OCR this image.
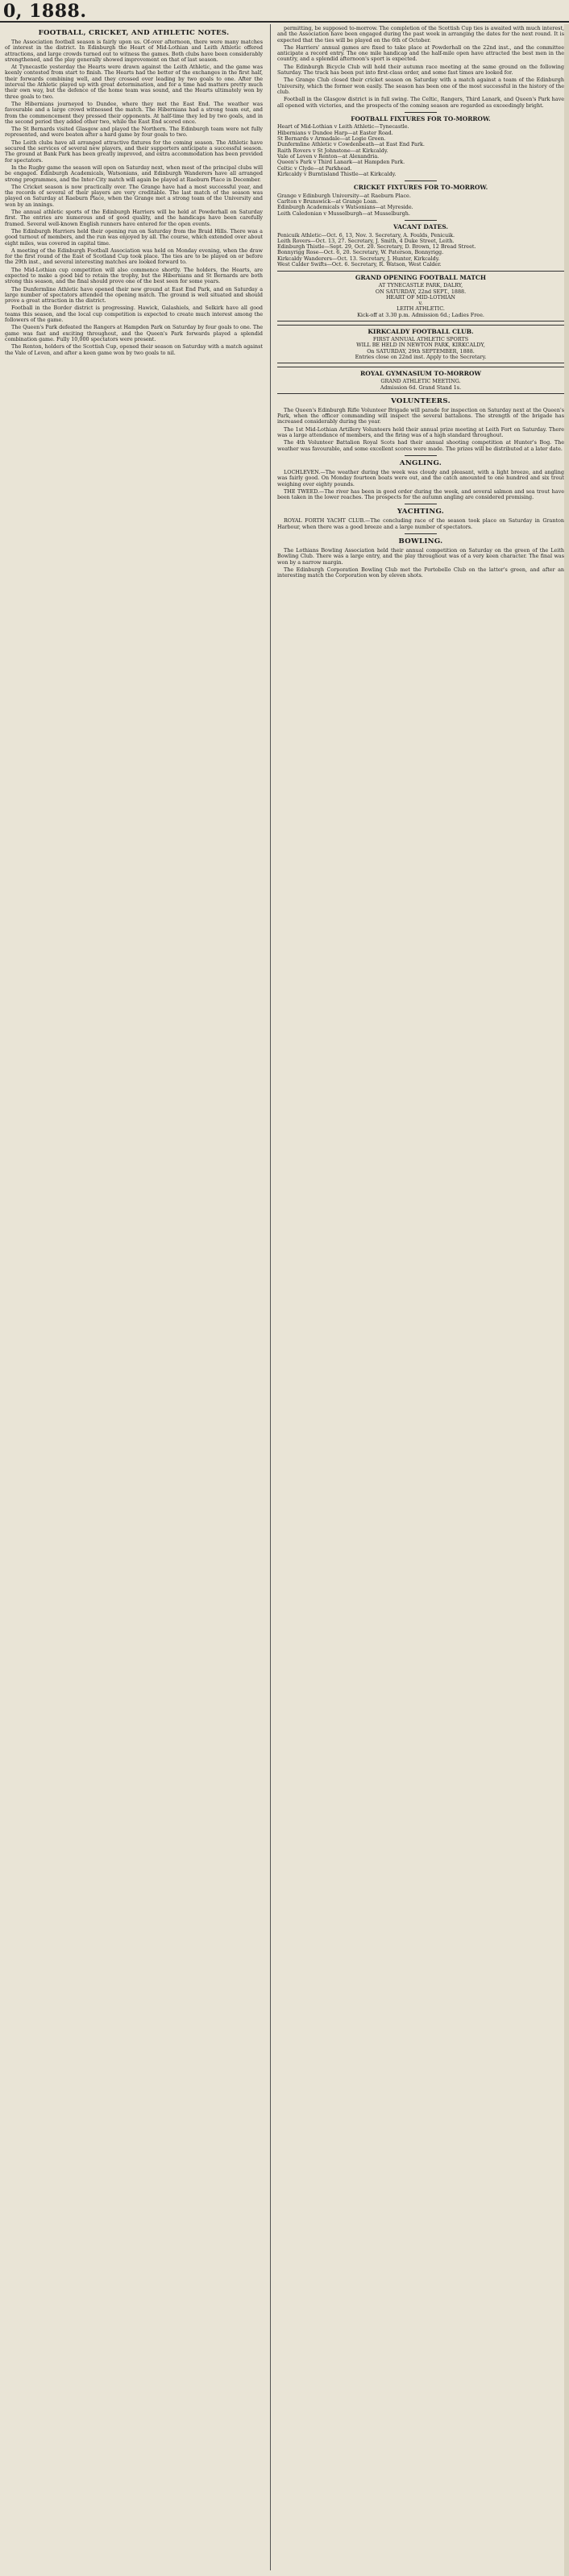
0, 1888.
FOOTBALL, CRICKET, AND ATHLETIC NOTES.

The Association football season is fairly upon us. Of-over afternoon, there were many matches of interest in the district. In Edinburgh the Heart of Mid-Lothian and Leith Athletic offered attractions, and large crowds turned out to witness the games. Both clubs have been considerably strengthened, and the play generally showed improvement on that of last season.

At Tynecastle yesterday the Hearts were drawn against the Leith Athletic, and the game was keenly contested from start to finish. The Hearts had the better of the exchanges in the first half, their forwards combining well, and they crossed over leading by two goals to one. After the interval the Athletic played up with great determination, and for a time had matters pretty much their own way, but the defence of the home team was sound, and the Hearts ultimately won by three goals to two.

The Hibernians journeyed to Dundee, where they met the East End. The weather was favourable and a large crowd witnessed the match. The Hibernians had a strong team out, and from the commencement they pressed their opponents. At half-time they led by two goals, and in the second period they added other two, while the East End scored once.

The St Bernards visited Glasgow and played the Northern. The Edinburgh team were not fully represented, and were beaten after a hard game by four goals to two.

The Leith clubs have all arranged attractive fixtures for the coming season. The Athletic have secured the services of several new players, and their supporters anticipate a successful season. The ground at Bank Park has been greatly improved, and extra accommodation has been provided for spectators.

In the Rugby game the season will open on Saturday next, when most of the principal clubs will be engaged. Edinburgh Academicals, Watsonians, and Edinburgh Wanderers have all arranged strong programmes, and the Inter-City match will again be played at Raeburn Place in December.

The Cricket season is now practically over. The Grange have had a most successful year, and the records of several of their players are very creditable. The last match of the season was played on Saturday at Raeburn Place, when the Grange met a strong team of the University and won by an innings.

The annual athletic sports of the Edinburgh Harriers will be held at Powderhall on Saturday first. The entries are numerous and of good quality, and the handicaps have been carefully framed. Several well-known English runners have entered for the open events.

The Edinburgh Harriers held their opening run on Saturday from the Braid Hills. There was a good turnout of members, and the run was enjoyed by all. The course, which extended over about eight miles, was covered in capital time.

A meeting of the Edinburgh Football Association was held on Monday evening, when the draw for the first round of the East of Scotland Cup took place. The ties are to be played on or before the 29th inst., and several interesting matches are looked forward to.

The Mid-Lothian cup competition will also commence shortly. The holders, the Hearts, are expected to make a good bid to retain the trophy, but the Hibernians and St Bernards are both strong this season, and the final should prove one of the best seen for some years.

The Dunfermline Athletic have opened their new ground at East End Park, and on Saturday a large number of spectators attended the opening match. The ground is well situated and should prove a great attraction in the district.

Football in the Border district is progressing. Hawick, Galashiels, and Selkirk have all good teams this season, and the local cup competition is expected to create much interest among the followers of the game.

The Queen's Park defeated the Rangers at Hampden Park on Saturday by four goals to one. The game was fast and exciting throughout, and the Queen's Park forwards played a splendid combination game. Fully 10,000 spectators were present.

The Renton, holders of the Scottish Cup, opened their season on Saturday with a match against the Vale of Leven, and after a keen game won by two goals to nil.

permitting, be supposed to-morrow. The completion of the Scottish Cup ties is awaited with much interest, and the Association have been engaged during the past week in arranging the dates for the next round. It is expected that the ties will be played on the 6th of October.

The Harriers' annual games are fixed to take place at Powderhall on the 22nd inst., and the committee anticipate a record entry. The one mile handicap and the half-mile open have attracted the best men in the country, and a splendid afternoon's sport is expected.

The Edinburgh Bicycle Club will hold their autumn race meeting at the same ground on the following Saturday. The track has been put into first-class order, and some fast times are looked for.

The Grange Club closed their cricket season on Saturday with a match against a team of the Edinburgh University, which the former won easily. The season has been one of the most successful in the history of the club.

Football in the Glasgow district is in full swing. The Celtic, Rangers, Third Lanark, and Queen's Park have all opened with victories, and the prospects of the coming season are regarded as exceedingly bright.

FOOTBALL FIXTURES FOR TO-MORROW.

Heart of Mid-Lothian v Leith Athletic—Tynecastle.

Hibernians v Dundee Harp—at Easter Road.

St Bernards v Armadale—at Logie Green.

Dunfermline Athletic v Cowdenbeath—at East End Park.

Raith Rovers v St Johnstone—at Kirkcaldy.

Vale of Leven v Renton—at Alexandria.

Queen's Park v Third Lanark—at Hampden Park.

Celtic v Clyde—at Parkhead.

Kirkcaldy v Burntisland Thistle—at Kirkcaldy.

CRICKET FIXTURES FOR TO-MORROW.

Grange v Edinburgh University—at Raeburn Place.

Carlton v Brunswick—at Grange Loan.

Edinburgh Academicals v Watsonians—at Myreside.

Leith Caledonian v Musselburgh—at Musselburgh.

VACANT DATES.

Penicuik Athletic—Oct. 6, 13, Nov. 3. Secretary, A. Foulds, Penicuik.

Leith Rovers—Oct. 13, 27. Secretary, J. Smith, 4 Duke Street, Leith.

Edinburgh Thistle—Sept. 29, Oct. 20. Secretary, D. Brown, 12 Bread Street.

Bonnyrigg Rose—Oct. 6, 20. Secretary, W. Paterson, Bonnyrigg.

Kirkcaldy Wanderers—Oct. 13. Secretary, J. Hunter, Kirkcaldy.

West Calder Swifts—Oct. 6. Secretary, R. Watson, West Calder.

GRAND OPENING FOOTBALL MATCH

AT TYNECASTLE PARK, DALRY,

ON SATURDAY, 22nd SEPT., 1888.

HEART OF MID-LOTHIAN

v.

LEITH ATHLETIC.

Kick-off at 3.30 p.m. Admission 6d.; Ladies Free.

KIRKCALDY FOOTBALL CLUB.

FIRST ANNUAL ATHLETIC SPORTS

WILL BE HELD IN NEWTON PARK, KIRKCALDY,

On SATURDAY, 29th SEPTEMBER, 1888.

Entries close on 22nd inst. Apply to the Secretary.

ROYAL GYMNASIUM TO-MORROW

GRAND ATHLETIC MEETING.

Admission 6d. Grand Stand 1s.

VOLUNTEERS.

The Queen's Edinburgh Rifle Volunteer Brigade will parade for inspection on Saturday next at the Queen's Park, when the officer commanding will inspect the several battalions. The strength of the brigade has increased considerably during the year.

The 1st Mid-Lothian Artillery Volunteers held their annual prize meeting at Leith Fort on Saturday. There was a large attendance of members, and the firing was of a high standard throughout.

The 4th Volunteer Battalion Royal Scots had their annual shooting competition at Hunter's Bog. The weather was favourable, and some excellent scores were made. The prizes will be distributed at a later date.

ANGLING.

LOCHLEVEN.—The weather during the week was cloudy and pleasant, with a light breeze, and angling was fairly good. On Monday fourteen boats were out, and the catch amounted to one hundred and six trout weighing over eighty pounds.

THE TWEED.—The river has been in good order during the week, and several salmon and sea trout have been taken in the lower reaches. The prospects for the autumn angling are considered promising.

YACHTING.

ROYAL FORTH YACHT CLUB.—The concluding race of the season took place on Saturday in Granton Harbour, when there was a good breeze and a large number of spectators.

BOWLING.

The Lothians Bowling Association held their annual competition on Saturday on the green of the Leith Bowling Club. There was a large entry, and the play throughout was of a very keen character. The final was won by a narrow margin.

The Edinburgh Corporation Bowling Club met the Portobello Club on the latter's green, and after an interesting match the Corporation won by eleven shots.
